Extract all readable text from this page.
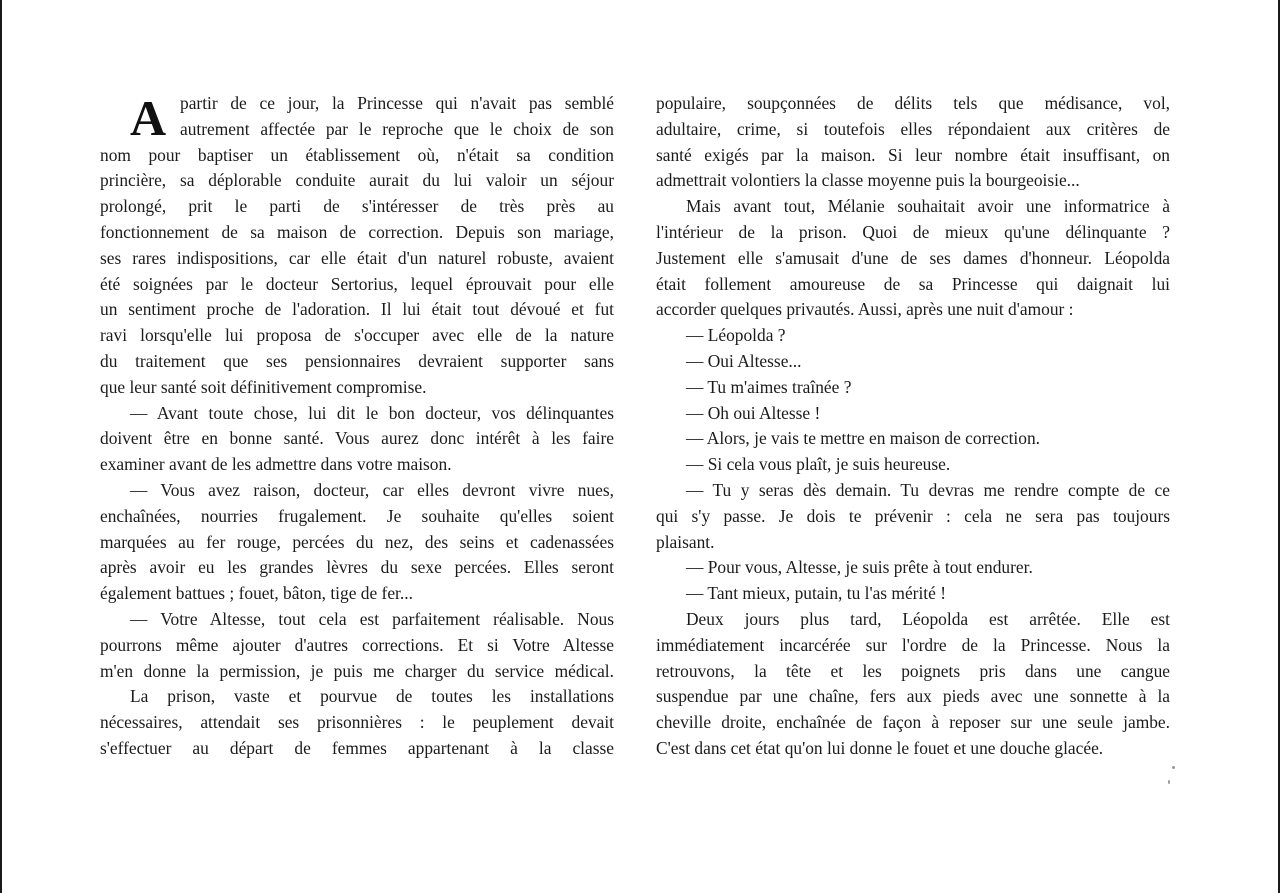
A partir de ce jour, la Princesse qui n'avait pas semblé
autrement affectée par le reproche que le choix de son
nom pour baptiser un établissement où, n'était sa condition
princière, sa déplorable conduite aurait du lui valoir un séjour
prolongé, prit le parti de s'intéresser de très près au
fonctionnement de sa maison de correction. Depuis son mariage,
ses rares indispositions, car elle était d'un naturel robuste, avaient
été soignées par le docteur Sertorius, lequel éprouvait pour elle
un sentiment proche de l'adoration. Il lui était tout dévoué et fut
ravi lorsqu'elle lui proposa de s'occuper avec elle de la nature
du traitement que ses pensionnaires devraient supporter sans
que leur santé soit définitivement compromise.
— Avant toute chose, lui dit le bon docteur, vos délinquantes
doivent être en bonne santé. Vous aurez donc intérêt à les faire
examiner avant de les admettre dans votre maison.
— Vous avez raison, docteur, car elles devront vivre nues,
enchaînées, nourries frugalement. Je souhaite qu'elles soient
marquées au fer rouge, percées du nez, des seins et cadenassées
après avoir eu les grandes lèvres du sexe percées. Elles seront
également battues ; fouet, bâton, tige de fer...
— Votre Altesse, tout cela est parfaitement réalisable. Nous
pourrons même ajouter d'autres corrections. Et si Votre Altesse
m'en donne la permission, je puis me charger du service médical.
La prison, vaste et pourvue de toutes les installations
nécessaires, attendait ses prisonnières : le peuplement devait
s'effectuer au départ de femmes appartenant à la classe
populaire, soupçonnées de délits tels que médisance, vol,
adultaire, crime, si toutefois elles répondaient aux critères de
santé exigés par la maison. Si leur nombre était insuffisant, on
admettrait volontiers la classe moyenne puis la bourgeoisie...
Mais avant tout, Mélanie souhaitait avoir une informatrice à
l'intérieur de la prison. Quoi de mieux qu'une délinquante ?
Justement elle s'amusait d'une de ses dames d'honneur. Léopolda
était follement amoureuse de sa Princesse qui daignait lui
accorder quelques privautés. Aussi, après une nuit d'amour :
— Léopolda ?
— Oui Altesse...
— Tu m'aimes traînée ?
— Oh oui Altesse !
— Alors, je vais te mettre en maison de correction.
— Si cela vous plaît, je suis heureuse.
— Tu y seras dès demain. Tu devras me rendre compte de ce
qui s'y passe. Je dois te prévenir : cela ne sera pas toujours
plaisant.
— Pour vous, Altesse, je suis prête à tout endurer.
— Tant mieux, putain, tu l'as mérité !
Deux jours plus tard, Léopolda est arrêtée. Elle est
immédiatement incarcérée sur l'ordre de la Princesse. Nous la
retrouvons, la tête et les poignets pris dans une cangue
suspendue par une chaîne, fers aux pieds avec une sonnette à la
cheville droite, enchaînée de façon à reposer sur une seule jambe.
C'est dans cet état qu'on lui donne le fouet et une douche glacée.
